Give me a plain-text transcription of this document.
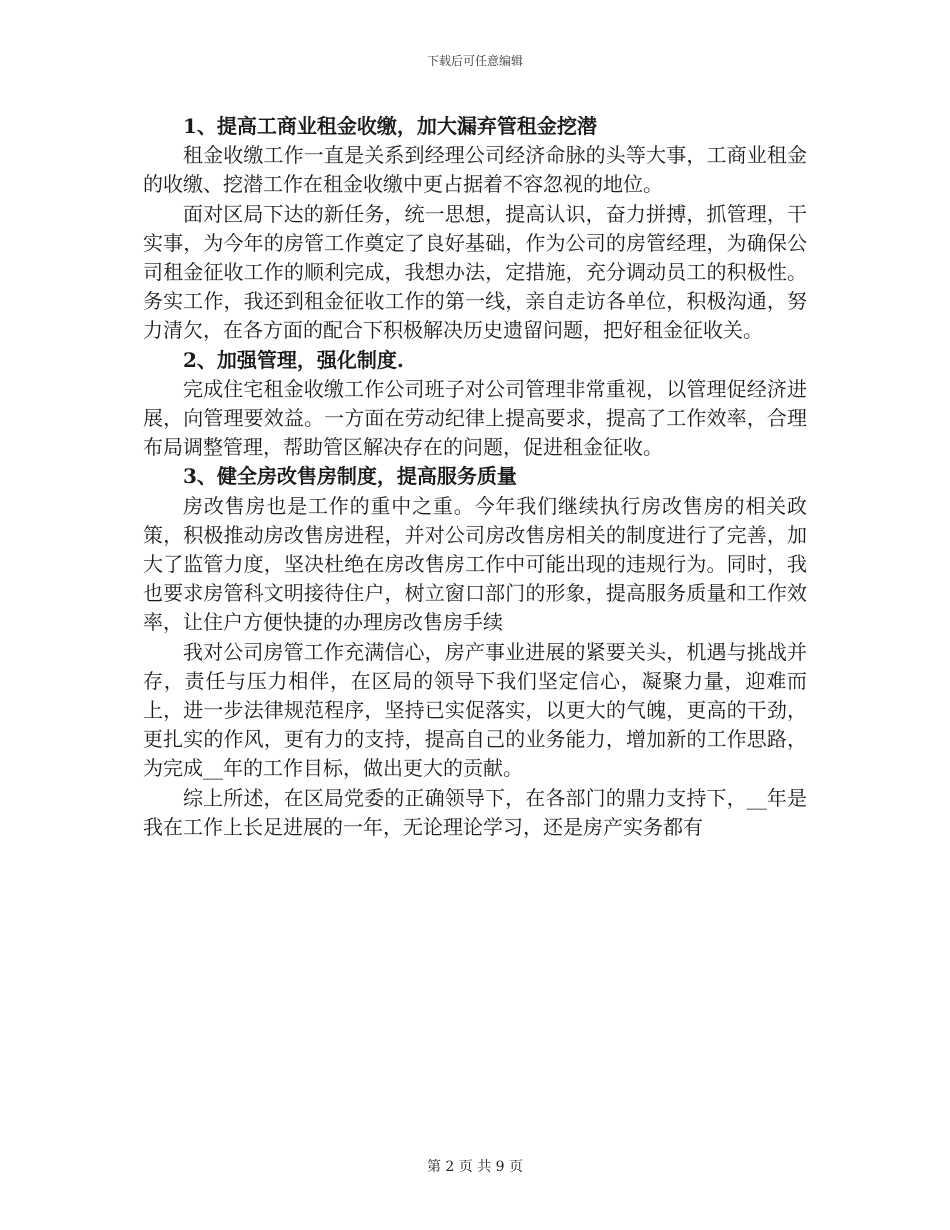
下载后可任意编辑

1、提高工商业租金收缴，加大漏弃管租金挖潜

租金收缴工作一直是关系到经理公司经济命脉的头等大事，工商业租金的收缴、挖潜工作在租金收缴中更占据着不容忽视的地位。

面对区局下达的新任务，统一思想，提高认识，奋力拼搏，抓管理，干实事，为今年的房管工作奠定了良好基础，作为公司的房管经理，为确保公司租金征收工作的顺利完成，我想办法，定措施，充分调动员工的积极性。务实工作，我还到租金征收工作的第一线，亲自走访各单位，积极沟通，努力清欠，在各方面的配合下积极解决历史遗留问题，把好租金征收关。

2、加强管理，强化制度.

完成住宅租金收缴工作公司班子对公司管理非常重视，以管理促经济进展，向管理要效益。一方面在劳动纪律上提高要求，提高了工作效率，合理布局调整管理，帮助管区解决存在的问题，促进租金征收。

3、健全房改售房制度，提高服务质量

房改售房也是工作的重中之重。今年我们继续执行房改售房的相关政策，积极推动房改售房进程，并对公司房改售房相关的制度进行了完善，加大了监管力度，坚决杜绝在房改售房工作中可能出现的违规行为。同时，我也要求房管科文明接待住户，树立窗口部门的形象，提高服务质量和工作效率，让住户方便快捷的办理房改售房手续

我对公司房管工作充满信心，房产事业进展的紧要关头，机遇与挑战并存，责任与压力相伴，在区局的领导下我们坚定信心，凝聚力量，迎难而上，进一步法律规范程序，坚持已实促落实，以更大的气魄，更高的干劲，更扎实的作风，更有力的支持，提高自己的业务能力，增加新的工作思路，为完成__年的工作目标，做出更大的贡献。

综上所述，在区局党委的正确领导下，在各部门的鼎力支持下，__年是我在工作上长足进展的一年，无论理论学习，还是房产实务都有

第 2 页 共 9 页
